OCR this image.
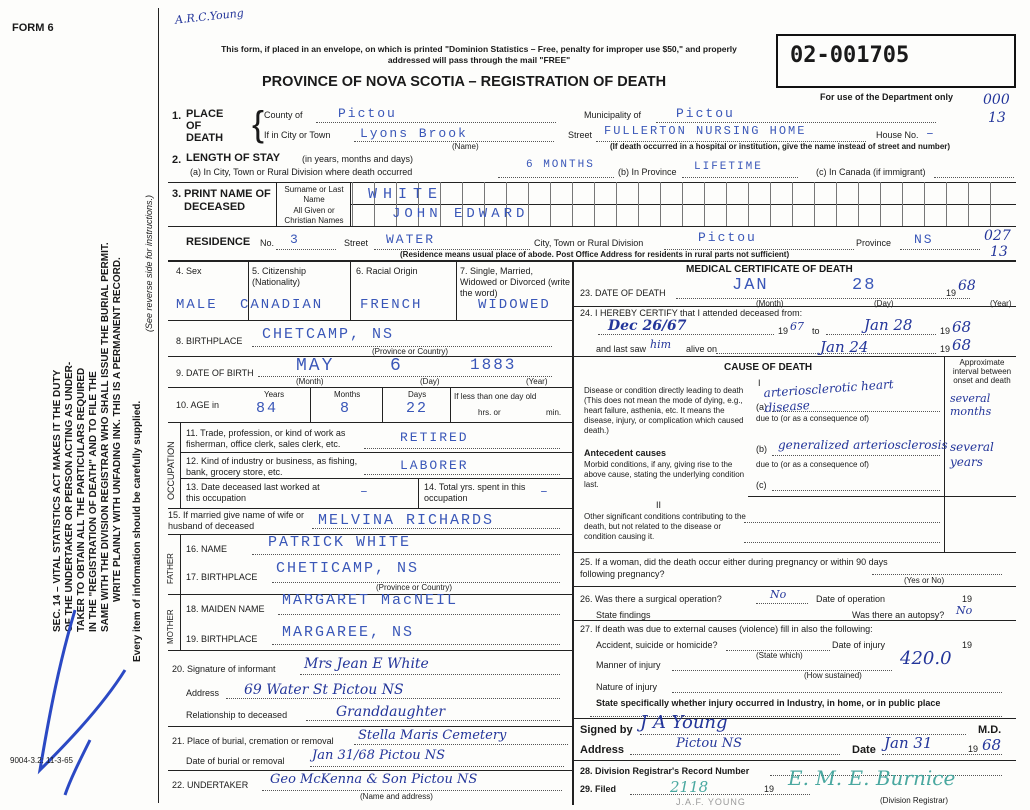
FORM 6
A.R.C.Young
This form, if placed in an envelope, on which is printed "Dominion Statistics – Free, penalty for improper use $50," and properly addressed will pass through the mail "FREE"
PROVINCE OF NOVA SCOTIA – REGISTRATION OF DEATH
02-001705
For use of the Department only 000
13
SEC. 14 – VITAL STATISTICS ACT MAKES IT THE DUTY OF THE UNDERTAKER OR PERSON ACTING AS UNDER- TAKER TO OBTAIN ALL THE PARTICULARS REQUIRED IN THE "REGISTRATION OF DEATH" AND TO FILE THE SAME WITH THE DIVISION REGISTRAR WHO SHALL ISSUE THE BURIAL PERMIT. WRITE PLAINLY WITH UNFADING INK. THIS IS A PERMANENT RECORD. Every item of information should be carefully supplied.
(See reverse side for instructions.)
9004-3.2: 11-3-65
1. PLACE OF DEATH { County of	Pictou	Municipality of	Pictou
If in City or Town Lyons Brook	Street FULLERTON NURSING HOME	House No. –
(Name)	(If death occurred in a hospital or institution, give the name instead of street and number)
2. LENGTH OF STAY (in years, months and days)
(a) In City, Town or Rural Division where death occurred
6 MONTHS
(b) In Province LIFETIME	(c) In Canada (if immigrant)
3. PRINT NAME OF DECEASED
Surname or Last Name
All Given or Christian Names
WHITE
JOHN EDWARD
RESIDENCE No. 3	Street WATER	City, Town or Rural Division	Pictou	Province NS	027
13
(Residence means usual place of abode. Post Office Address for residents in rural parts not sufficient)
4. Sex	5. Citizenship (Nationality)
6. Racial Origin	7. Single, Married, Widowed or Divorced (write the word)
MALE CANADIAN	FRENCH	WIDOWED
8. BIRTHPLACE CHETCAMP, NS
(Province or Country)
9. DATE OF BIRTH MAY	6	1883
(Month)	(Day)	(Year)
10. AGE in
Years	Months	Days
84	8	22
If less than one day old
hrs. or	min.
OCCUPATION
11. Trade, profession, or kind of work as fisherman, office clerk, sales clerk, etc.	RETIRED
12. Kind of industry or business, as fishing, bank, grocery store, etc.	LABORER
13. Date deceased last worked at this occupation	–	14. Total yrs. spent in this occupation	–
15. If married give name of wife or husband of deceased	MELVINA RICHARDS
FATHER
MOTHER
16. NAME	PATRICK WHITE
17. BIRTHPLACE CHETICAMP, NS
(Province or Country)
18. MAIDEN NAME MARGARET MacNEIL
19. BIRTHPLACE MARGAREE, NS
20. Signature of informant Mrs Jean E White
Address 69 Water St Pictou NS
Relationship to deceased	Granddaughter
21. Place of burial, cremation or removal Stella Maris Cemetery
Date of burial or removal Jan 31/68 Pictou NS
22. UNDERTAKER Geo McKenna & Son Pictou NS
(Name and address)
MEDICAL CERTIFICATE OF DEATH
23. DATE OF DEATH	JAN	28	19 68
(Month)	(Day)	(Year)
24. I HEREBY CERTIFY that I attended deceased from:
Dec 26/67	19 67 to	Jan 28	19 68
and last saw him alive on	Jan 24	19 68
CAUSE OF DEATH	Approximate interval between onset and death
I
Disease or condition directly leading to death (This does not mean the mode of dying, e.g., heart failure, asthenia, etc. It means the disease, injury, or complication which caused death.)
(a)
arteriosclerotic heart disease
due to (or as a consequence of)
several months
Antecedent causes
Morbid conditions, if any, giving rise to the above cause, stating the underlying condition last.
(b) generalized arteriosclerosis
due to (or as a consequence of)
several years
(c)
II
Other significant conditions contributing to the death, but not related to the disease or condition causing it.
25. If a woman, did the death occur either during pregnancy or within 90 days following pregnancy?
(Yes or No)
26. Was there a surgical operation?	No	Date of operation	19
State findings	Was there an autopsy? No
27. If death was due to external causes (violence) fill in also the following:
Accident, suicide or homicide?
(State which)
Date of injury	19
420.0
Manner of injury
(How sustained)
Nature of injury
State specifically whether injury occurred in Industry, in home, or in public place
Signed by J A Young	M.D.
Address	Pictou NS	Date Jan 31	19 68
28. Division Registrar's Record Number
29. Filed	2118	19 E. M. E. Burnice
(Division Registrar)
J.A.F. YOUNG
